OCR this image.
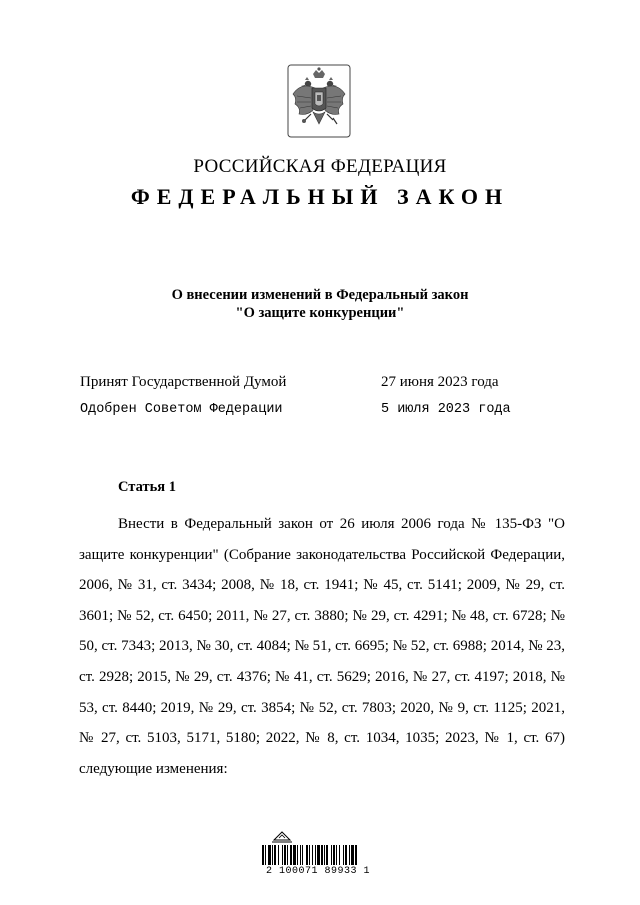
РОССИЙСКАЯ ФЕДЕРАЦИЯ
ФЕДЕРАЛЬНЫЙ ЗАКОН
О внесении изменений в Федеральный закон
"О защите конкуренции"
Принят Государственной Думой	27 июня 2023 года
Одобрен Советом Федерации	5 июля 2023 года
Статья 1
Внести в Федеральный закон от 26 июля 2006 года № 135-ФЗ "О защите конкуренции" (Собрание законодательства Российской Федерации, 2006, № 31, ст. 3434; 2008, № 18, ст. 1941; № 45, ст. 5141; 2009, № 29, ст. 3601; № 52, ст. 6450; 2011, № 27, ст. 3880; № 29, ст. 4291; № 48, ст. 6728; № 50, ст. 7343; 2013, № 30, ст. 4084; № 51, ст. 6695; № 52, ст. 6988; 2014, № 23, ст. 2928; 2015, № 29, ст. 4376; № 41, ст. 5629; 2016, № 27, ст. 4197; 2018, № 53, ст. 8440; 2019, № 29, ст. 3854; № 52, ст. 7803; 2020, № 9, ст. 1125; 2021, № 27, ст. 5103, 5171, 5180; 2022, № 8, ст. 1034, 1035; 2023, № 1, ст. 67) следующие изменения:
2 100071 89933 1
